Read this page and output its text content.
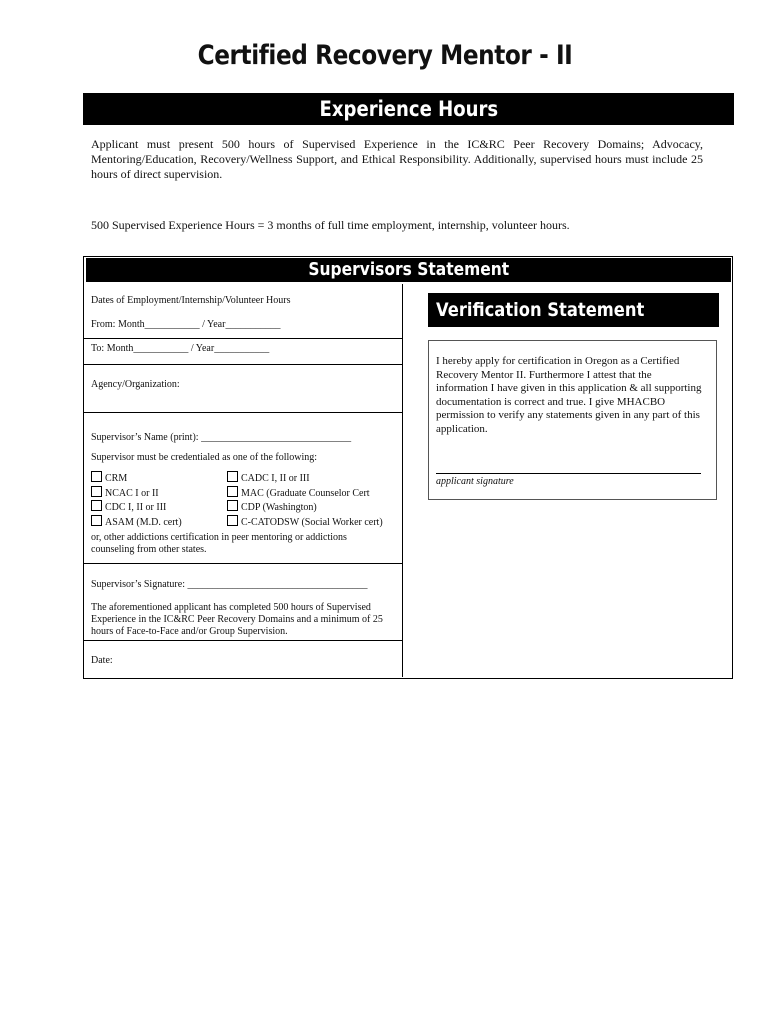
Certified Recovery Mentor - II
Experience Hours
Applicant must present 500 hours of Supervised Experience in the IC&RC Peer Recovery Domains; Advocacy, Mentoring/Education, Recovery/Wellness Support, and Ethical Responsibility. Additionally, supervised hours must include 25 hours of direct supervision.
500 Supervised Experience Hours = 3 months of full time employment, internship, volunteer hours.
Supervisors Statement
Dates of Employment/Internship/Volunteer Hours
From: Month___________ / Year___________
To: Month___________ / Year___________
Agency/Organization:
Supervisor’s Name (print): ______________________________
Supervisor must be credentialed as one of the following:
CRM
NCAC I or II
CDC I, II or III
ASAM (M.D. cert)
CADC I, II or III
MAC (Graduate Counselor Cert
CDP (Washington)
C-CATODSW (Social Worker cert)
or, other addictions certification in peer mentoring or addictions counseling from other states.
Supervisor’s Signature: ____________________________________
The aforementioned applicant has completed 500 hours of Supervised Experience in the IC&RC Peer Recovery Domains and a minimum of 25 hours of Face-to-Face and/or Group Supervision.
Date:
Verification Statement
I hereby apply for certification in Oregon as a Certified Recovery Mentor II. Furthermore I attest that the information I have given in this application & all supporting documentation is correct and true. I give MHACBO permission to verify any statements given in any part of this application.
applicant signature
